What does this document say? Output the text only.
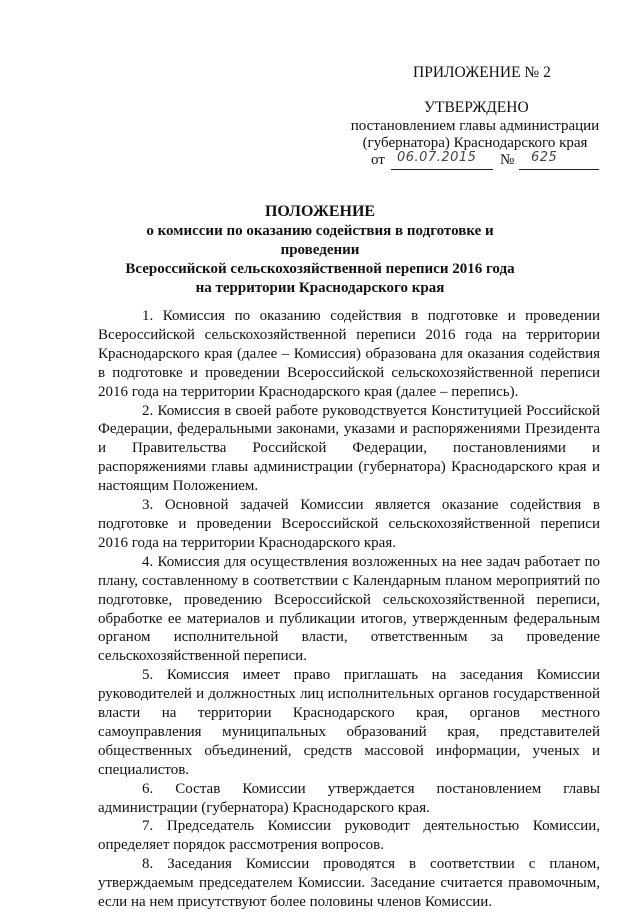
ПРИЛОЖЕНИЕ № 2
УТВЕРЖДЕНО
постановлением главы администрации
(губернатора) Краснодарского края
от 06.07.2015 № 625
ПОЛОЖЕНИЕ
о комиссии по оказанию содействия в подготовке и проведении
Всероссийской сельскохозяйственной переписи 2016 года
на территории Краснодарского края

1. Комиссия по оказанию содействия в подготовке и проведении Всероссийской сельскохозяйственной переписи 2016 года на территории Краснодарского края (далее – Комиссия) образована для оказания содействия в подготовке и проведении Всероссийской сельскохозяйственной переписи 2016 года на территории Краснодарского края (далее – перепись).

2. Комиссия в своей работе руководствуется Конституцией Российской Федерации, федеральными законами, указами и распоряжениями Президента и Правительства Российской Федерации, постановлениями и распоряжениями главы администрации (губернатора) Краснодарского края и настоящим Положением.

3. Основной задачей Комиссии является оказание содействия в подготовке и проведении Всероссийской сельскохозяйственной переписи 2016 года на территории Краснодарского края.

4. Комиссия для осуществления возложенных на нее задач работает по плану, составленному в соответствии с Календарным планом мероприятий по подготовке, проведению Всероссийской сельскохозяйственной переписи, обработке ее материалов и публикации итогов, утвержденным федеральным органом исполнительной власти, ответственным за проведение сельскохозяйственной переписи.

5. Комиссия имеет право приглашать на заседания Комиссии руководителей и должностных лиц исполнительных органов государственной власти на территории Краснодарского края, органов местного самоуправления муниципальных образований края, представителей общественных объединений, средств массовой информации, ученых и специалистов.

6. Состав Комиссии утверждается постановлением главы администрации (губернатора) Краснодарского края.

7. Председатель Комиссии руководит деятельностью Комиссии, определяет порядок рассмотрения вопросов.

8. Заседания Комиссии проводятся в соответствии с планом, утверждаемым председателем Комиссии. Заседание считается правомочным, если на нем присутствуют более половины членов Комиссии.
